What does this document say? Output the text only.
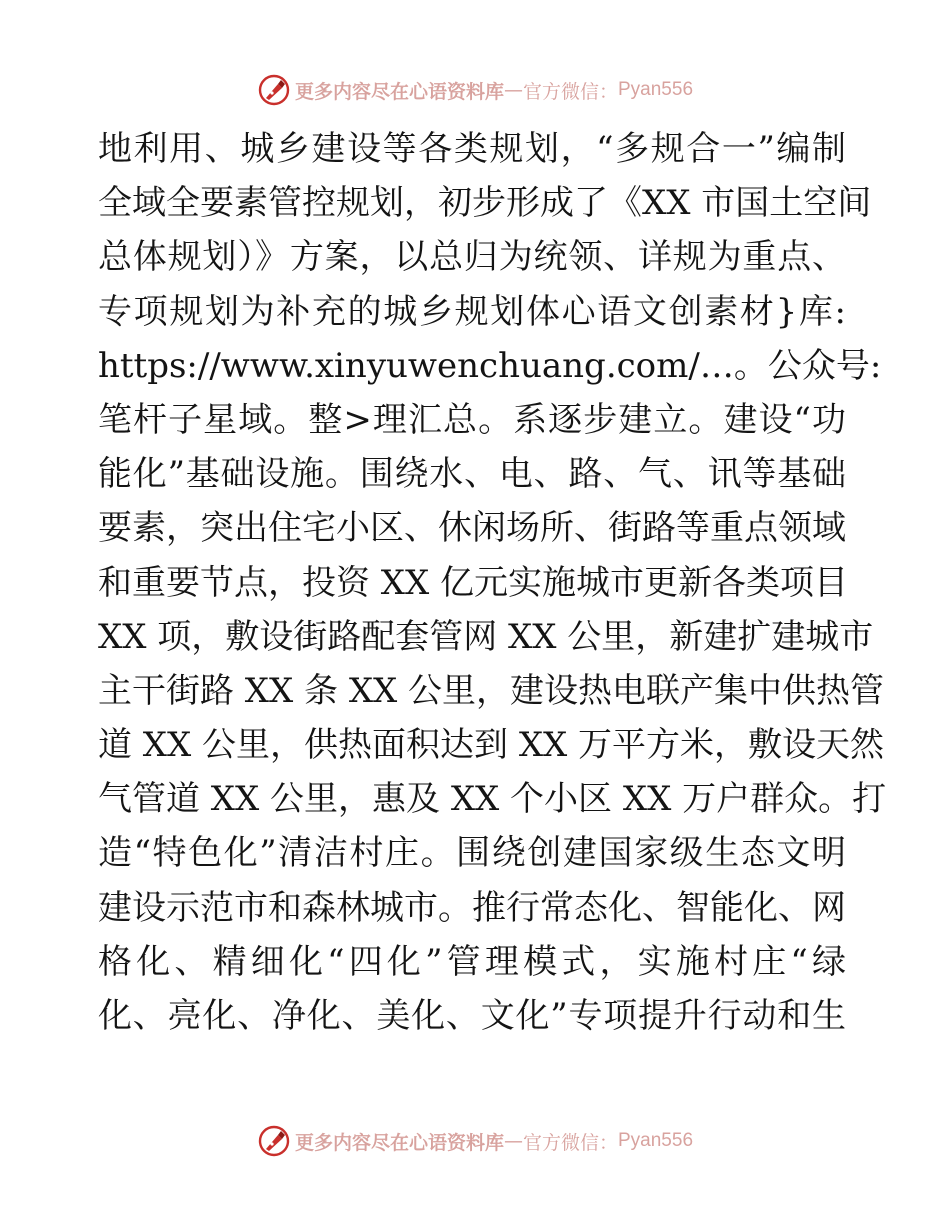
更多内容尽在心语资料库 — 官方微信： Pyan556
地利用、城乡建设等各类规划，“多规合一”编制
全域全要素管控规划，初步形成了《XX 市国土空间
总体规划）》方案，以总归为统领、详规为重点、
专项规划为补充的城乡规划体心语文创素材}库:
https://www.xinyuwenchuang.com/…。公众号:
笔杆子星域。整>理汇总。系逐步建立。建设“功
能化”基础设施。围绕水、电、路、气、讯等基础
要素，突出住宅小区、休闲场所、街路等重点领域
和重要节点，投资 XX 亿元实施城市更新各类项目
XX 项，敷设街路配套管网 XX 公里，新建扩建城市
主干街路 XX 条 XX 公里，建设热电联产集中供热管
道 XX 公里，供热面积达到 XX 万平方米，敷设天然
气管道 XX 公里，惠及 XX 个小区 XX 万户群众。打
造“特色化”清洁村庄。围绕创建国家级生态文明
建设示范市和森林城市。推行常态化、智能化、网
格化、精细化“四化”管理模式，实施村庄“绿
化、亮化、净化、美化、文化”专项提升行动和生
更多内容尽在心语资料库 — 官方微信： Pyan556
